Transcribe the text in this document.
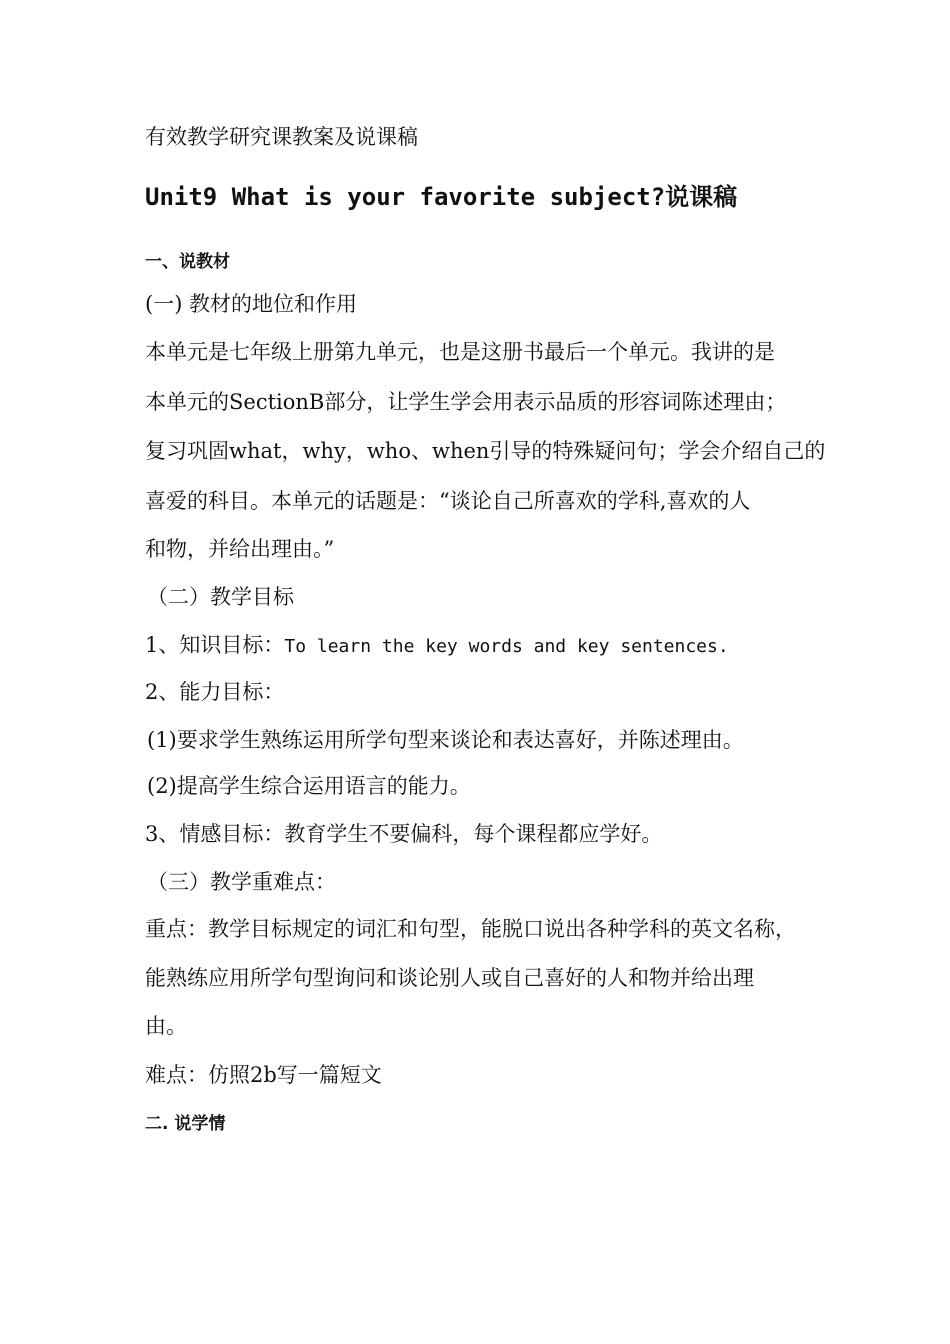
有效教学研究课教案及说课稿
Unit9 What is your favorite subject?说课稿
一、说教材
(一) 教材的地位和作用
本单元是七年级上册第九单元，也是这册书最后一个单元。我讲的是
本单元的SectionB部分，让学生学会用表示品质的形容词陈述理由；
复习巩固what，why，who、when引导的特殊疑问句；学会介绍自己的
喜爱的科目。本单元的话题是：“谈论自己所喜欢的学科,喜欢的人
和物，并给出理由。”
（二）教学目标
1、知识目标：To learn the key words and key sentences.
2、能力目标：
(1)要求学生熟练运用所学句型来谈论和表达喜好，并陈述理由。
(2)提高学生综合运用语言的能力。
3、情感目标：教育学生不要偏科，每个课程都应学好。
（三）教学重难点：
重点：教学目标规定的词汇和句型，能脱口说出各种学科的英文名称，
能熟练应用所学句型询问和谈论别人或自己喜好的人和物并给出理
由。
难点：仿照2b写一篇短文
二. 说学情
